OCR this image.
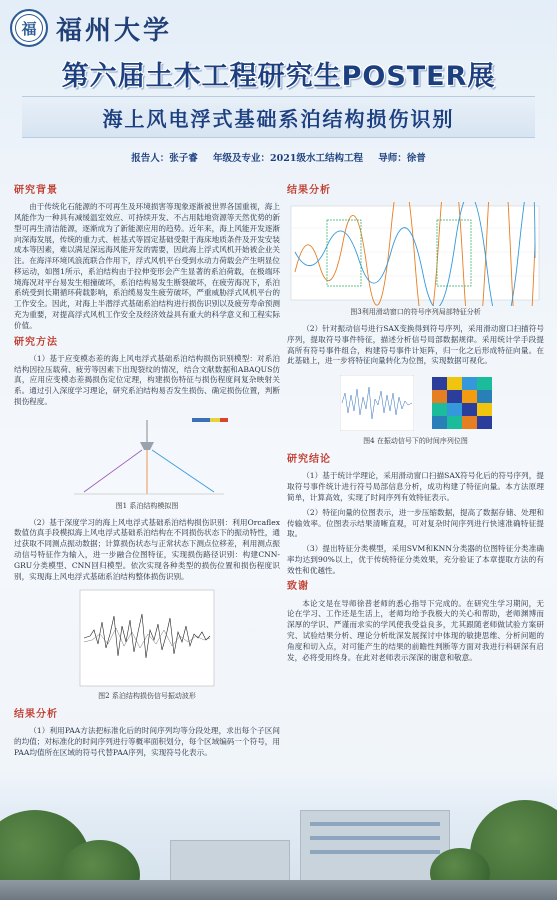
福 福州大学
第六届土木工程研究生POSTER展
海上风电浮式基础系泊结构损伤识别
报告人：张子睿 年级及专业：2021级水工结构工程 导师：徐普
研究背景
由于传统化石能源的不可再生及环境损害等现象逐渐被世界各国重视，海上风能作为一种具有减缓温室效应、可持续开发、不占用陆地资源等天然优势的新型可再生清洁能源，逐渐成为了新能源应用的趋势。近年来，海上风能开发逐渐向深海发展，传统的重力式、桩基式等固定基础受限于海床地质条件及开发安装成本等因素，难以满足深远海风能开发的需要，因此海上浮式风机开始被企业关注。在海洋环境风浪流联合作用下，浮式风机平台受到水动力荷载会产生明显位移运动，如图1所示，系泊结构由于拉伸变形会产生显著的系泊荷载，在极端环境海况对平台易发生相撞破坏，系泊结构易发生断裂破坏，在疲劳海况下，系泊系统受到长期循环荷载影响，系泊缆易发生疲劳破坏，严重威胁浮式风机平台的工作安全。因此，对海上半潜浮式基础系泊结构进行损伤识别以及疲劳寿命预测充为重要，对提高浮式风机工作安全及经济效益具有重大的科学意义和工程实际价值。
研究方法
（1）基于应变模态差的海上风电浮式基础系泊结构损伤识别模型：对系泊结构因拉压载荷、疲劳等因素下出现裂纹的情况，结合文献数据和ABAQUS仿真，应用应变模态差揭损伤定位定理，构建损伤特征与损伤程度间复杂映射关系。通过引入深度学习理论，研究系泊结构易否发生损伤、确定损伤位置，判断损伤程度。
图1 系泊结构模拟图
（2）基于深度学习的海上风电浮式基础系泊结构损伤识别：利用Orcaflex数值仿真手段模拟海上风电浮式基础系泊结构在不同损伤状态下的振动特性，通过获取不同测点振动数据；计算损伤状态与正常状态下测点位移差，利用测点振动信号特征作为输入，进一步融合位图特征，实现损伤路径识别：构建CNN-GRU分类模型、CNN回归模型。依次实现各种类型的损伤位置和损伤程度识别，实现海上风电浮式基础系泊结构整体损伤识别。
图2 系泊结构损伤信号振动波形
结果分析
（1）利用PAA方法把标准化后的时间序列均等分段处理，求出每个子区间的均值；对标准化的时间序列进行等概率面积划分，每个区域编码一个符号，用PAA均值所在区域的符号代替PAA序列，实现符号化表示。
结果分析
图3利用滑动窗口的符号序列局部特征分析
（2）针对振动信号进行SAX变换得到符号序列，采用滑动窗口扫描符号序列，提取符号事件特征，描述分析信号局部数据规律。采用统计学手段提高所有符号事件组合，构建符号事件计矩阵，归一化之后形成特征向量。在此基础上，进一步将特征向量转化为位图，实现数据可视化。
图4 在振动信号下的时间序列位图
研究结论
（1）基于统计学理论，采用滑动窗口扫描SAX符号化后的符号序列，提取符号事件统计进行符号局部信息分析，成功构建了特征向量。本方法原理简单，计算高效，实现了时间序列有效特征表示。
（2）特征向量的位图表示，进一步压缩数据，提高了数据存储、处理和传输效率。位图表示结果清晰直观，可对复杂时间序列进行快速准确特征提取。
（3）提出特征分类模型，采用SVM和KNN分类器的位图特征分类准确率均达到90%以上，优于传统特征分类效果，充分验证了本章提取方法的有效性和优越性。
致谢
本论文是在导师徐普老师的悉心指导下完成的。在研究生学习期间，无论在学习、工作还是生活上，老师均给予我极大的关心和帮助，老师渊博而深厚的学识、严谨而求实的学风使我受益良多，尤其跟随老师做试验方案研究、试验结果分析、理论分析纰深发展探讨中体现的敏捷思维、分析问题的角度和切入点，对可能产生的结果的前瞻性判断等方面对我进行科研深有启发，必将受用终身。在此对老师表示深深的谢意和敬意。
